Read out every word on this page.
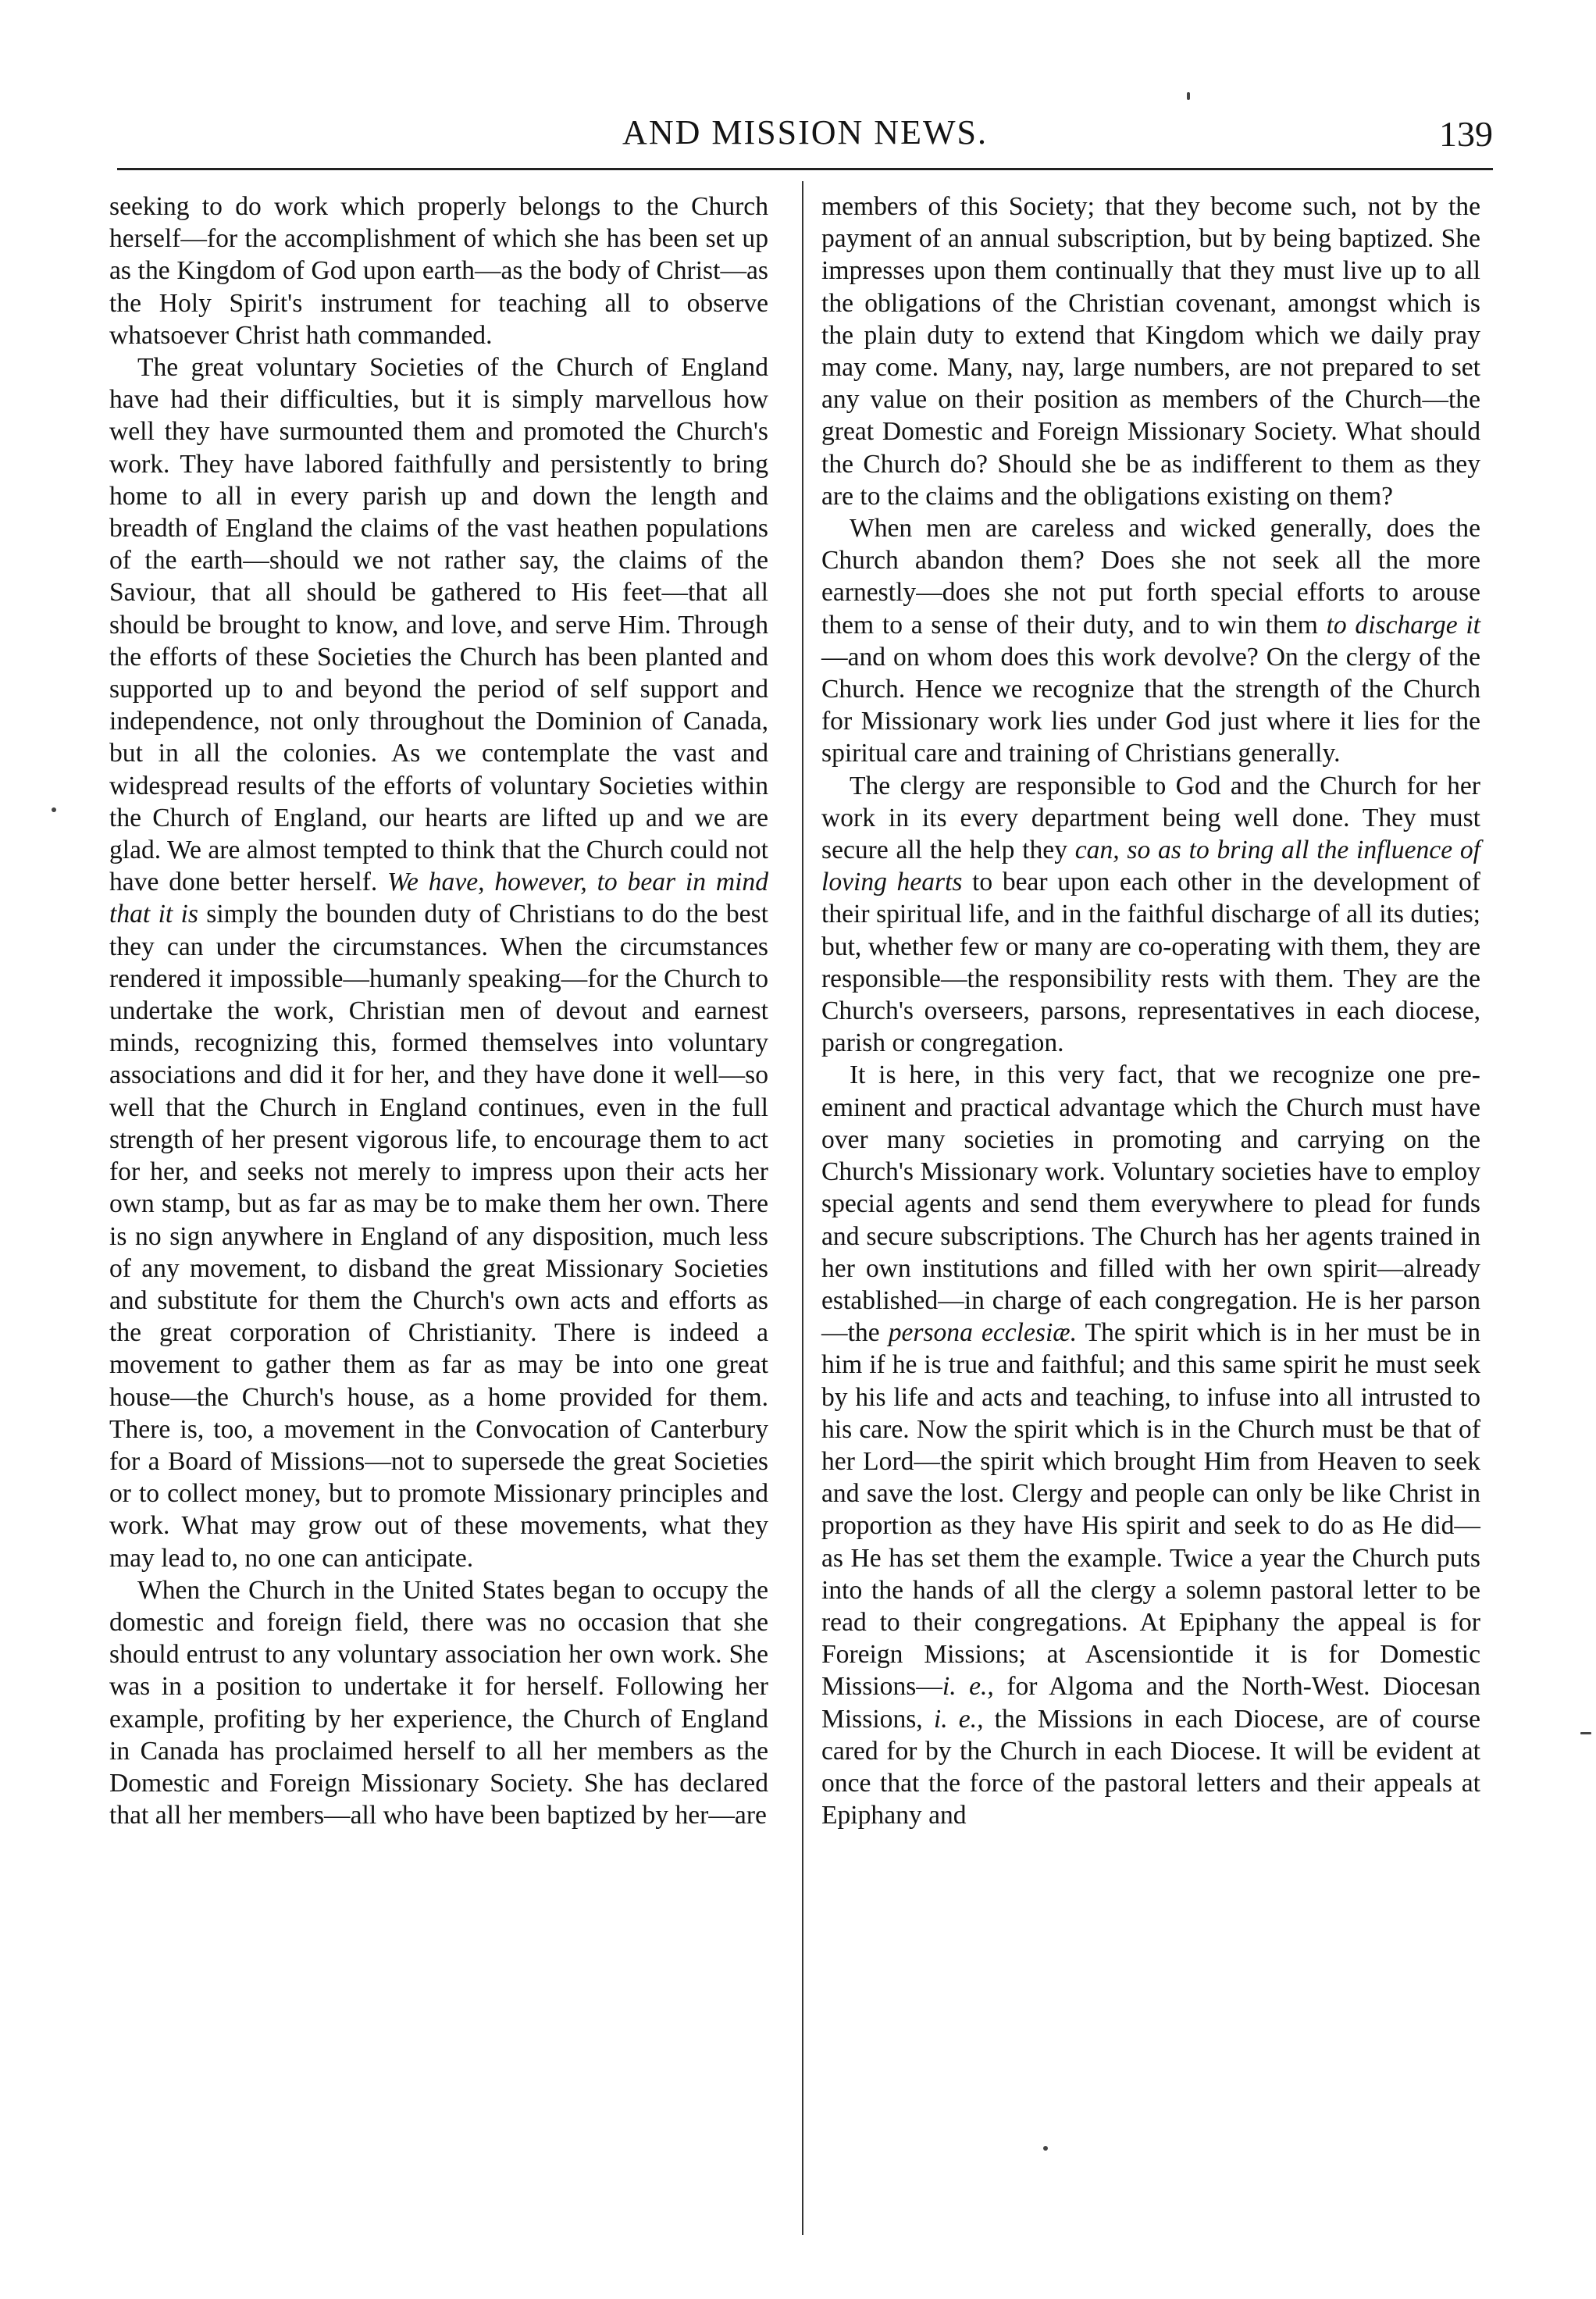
AND MISSION NEWS.	139

seeking to do work which properly belongs to the Church herself—for the accomplishment of which she has been set up as the Kingdom of God upon earth—as the body of Christ—as the Holy Spirit's instrument for teaching all to observe whatsoever Christ hath commanded.

The great voluntary Societies of the Church of England have had their difficulties, but it is simply marvellous how well they have surmounted them and promoted the Church's work. They have labored faithfully and persistently to bring home to all in every parish up and down the length and breadth of England the claims of the vast heathen populations of the earth—should we not rather say, the claims of the Saviour, that all should be gathered to His feet—that all should be brought to know, and love, and serve Him. Through the efforts of these Societies the Church has been planted and supported up to and beyond the period of self support and independence, not only throughout the Dominion of Canada, but in all the colonies. As we contemplate the vast and widespread results of the efforts of voluntary Societies within the Church of England, our hearts are lifted up and we are glad. We are almost tempted to think that the Church could not have done better herself. We have, however, to bear in mind that it is simply the bounden duty of Christians to do the best they can under the circumstances. When the circumstances rendered it impossible—humanly speaking—for the Church to undertake the work, Christian men of devout and earnest minds, recognizing this, formed themselves into voluntary associations and did it for her, and they have done it well—so well that the Church in England continues, even in the full strength of her present vigorous life, to encourage them to act for her, and seeks not merely to impress upon their acts her own stamp, but as far as may be to make them her own. There is no sign anywhere in England of any disposition, much less of any movement, to disband the great Missionary Societies and substitute for them the Church's own acts and efforts as the great corporation of Christianity. There is indeed a movement to gather them as far as may be into one great house—the Church's house, as a home provided for them. There is, too, a movement in the Convocation of Canterbury for a Board of Missions—not to supersede the great Societies or to collect money, but to promote Missionary principles and work. What may grow out of these movements, what they may lead to, no one can anticipate.

When the Church in the United States began to occupy the domestic and foreign field, there was no occasion that she should entrust to any voluntary association her own work. She was in a position to undertake it for herself. Following her example, profiting by her experience, the Church of England in Canada has proclaimed herself to all her members as the Domestic and Foreign Missionary Society. She has declared that all her members—all who have been baptized by her—are

members of this Society; that they become such, not by the payment of an annual subscription, but by being baptized. She impresses upon them continually that they must live up to all the obligations of the Christian covenant, amongst which is the plain duty to extend that Kingdom which we daily pray may come. Many, nay, large numbers, are not prepared to set any value on their position as members of the Church—the great Domestic and Foreign Missionary Society. What should the Church do? Should she be as indifferent to them as they are to the claims and the obligations existing on them?

When men are careless and wicked generally, does the Church abandon them? Does she not seek all the more earnestly—does she not put forth special efforts to arouse them to a sense of their duty, and to win them to discharge it—and on whom does this work devolve? On the clergy of the Church. Hence we recognize that the strength of the Church for Missionary work lies under God just where it lies for the spiritual care and training of Christians generally.

The clergy are responsible to God and the Church for her work in its every department being well done. They must secure all the help they can, so as to bring all the influence of loving hearts to bear upon each other in the development of their spiritual life, and in the faithful discharge of all its duties; but, whether few or many are co-operating with them, they are responsible—the responsibility rests with them. They are the Church's overseers, parsons, representatives in each diocese, parish or congregation.

It is here, in this very fact, that we recognize one pre-eminent and practical advantage which the Church must have over many societies in promoting and carrying on the Church's Missionary work. Voluntary societies have to employ special agents and send them everywhere to plead for funds and secure subscriptions. The Church has her agents trained in her own institutions and filled with her own spirit—already established—in charge of each congregation. He is her parson—the persona ecclesiæ. The spirit which is in her must be in him if he is true and faithful; and this same spirit he must seek by his life and acts and teaching, to infuse into all intrusted to his care. Now the spirit which is in the Church must be that of her Lord—the spirit which brought Him from Heaven to seek and save the lost. Clergy and people can only be like Christ in proportion as they have His spirit and seek to do as He did—as He has set them the example. Twice a year the Church puts into the hands of all the clergy a solemn pastoral letter to be read to their congregations. At Epiphany the appeal is for Foreign Missions; at Ascensiontide it is for Domestic Missions—i. e., for Algoma and the North-West. Diocesan Missions, i. e., the Missions in each Diocese, are of course cared for by the Church in each Diocese. It will be evident at once that the force of the pastoral letters and their appeals at Epiphany and
